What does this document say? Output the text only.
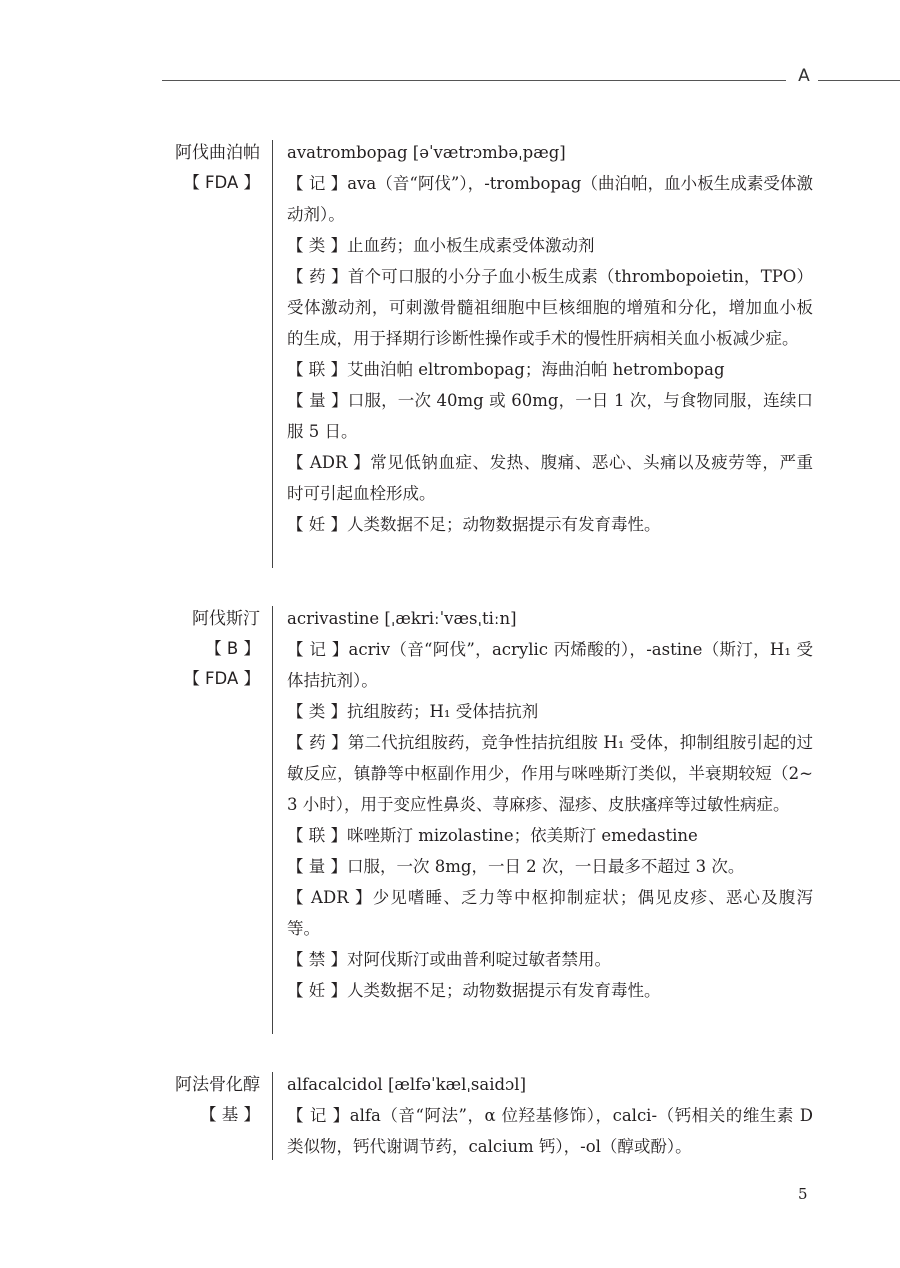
A
阿伐曲泊帕
【 FDA 】
avatrombopag [əˈvætrɔmbəˌpæg]

【 记 】ava（音“阿伐”），-trombopag（曲泊帕，血小板生成素受体激动剂）。

【 类 】止血药；血小板生成素受体激动剂

【 药 】首个可口服的小分子血小板生成素（thrombopoietin，TPO）受体激动剂，可刺激骨髓祖细胞中巨核细胞的增殖和分化，增加血小板的生成，用于择期行诊断性操作或手术的慢性肝病相关血小板减少症。

【 联 】艾曲泊帕 eltrombopag；海曲泊帕 hetrombopag

【 量 】口服，一次 40mg 或 60mg，一日 1 次，与食物同服，连续口服 5 日。

【 ADR 】常见低钠血症、发热、腹痛、恶心、头痛以及疲劳等，严重时可引起血栓形成。

【 妊 】人类数据不足；动物数据提示有发育毒性。

阿伐斯汀
【 B 】
【 FDA 】
acrivastine [ˌækriːˈvæsˌtiːn]

【 记 】acriv（音“阿伐”，acrylic 丙烯酸的），-astine（斯汀，H₁ 受体拮抗剂）。

【 类 】抗组胺药；H₁ 受体拮抗剂

【 药 】第二代抗组胺药，竞争性拮抗组胺 H₁ 受体，抑制组胺引起的过敏反应，镇静等中枢副作用少，作用与咪唑斯汀类似，半衰期较短（2~3 小时），用于变应性鼻炎、荨麻疹、湿疹、皮肤瘙痒等过敏性病症。

【 联 】咪唑斯汀 mizolastine；依美斯汀 emedastine

【 量 】口服，一次 8mg，一日 2 次，一日最多不超过 3 次。

【 ADR 】少见嗜睡、乏力等中枢抑制症状；偶见皮疹、恶心及腹泻等。

【 禁 】对阿伐斯汀或曲普利啶过敏者禁用。

【 妊 】人类数据不足；动物数据提示有发育毒性。

阿法骨化醇
【 基 】
alfacalcidol [ælfəˈkælˌsaidɔl]

【 记 】alfa（音“阿法”，α 位羟基修饰），calci-（钙相关的维生素 D 类似物，钙代谢调节药，calcium 钙），-ol（醇或酚）。

5
